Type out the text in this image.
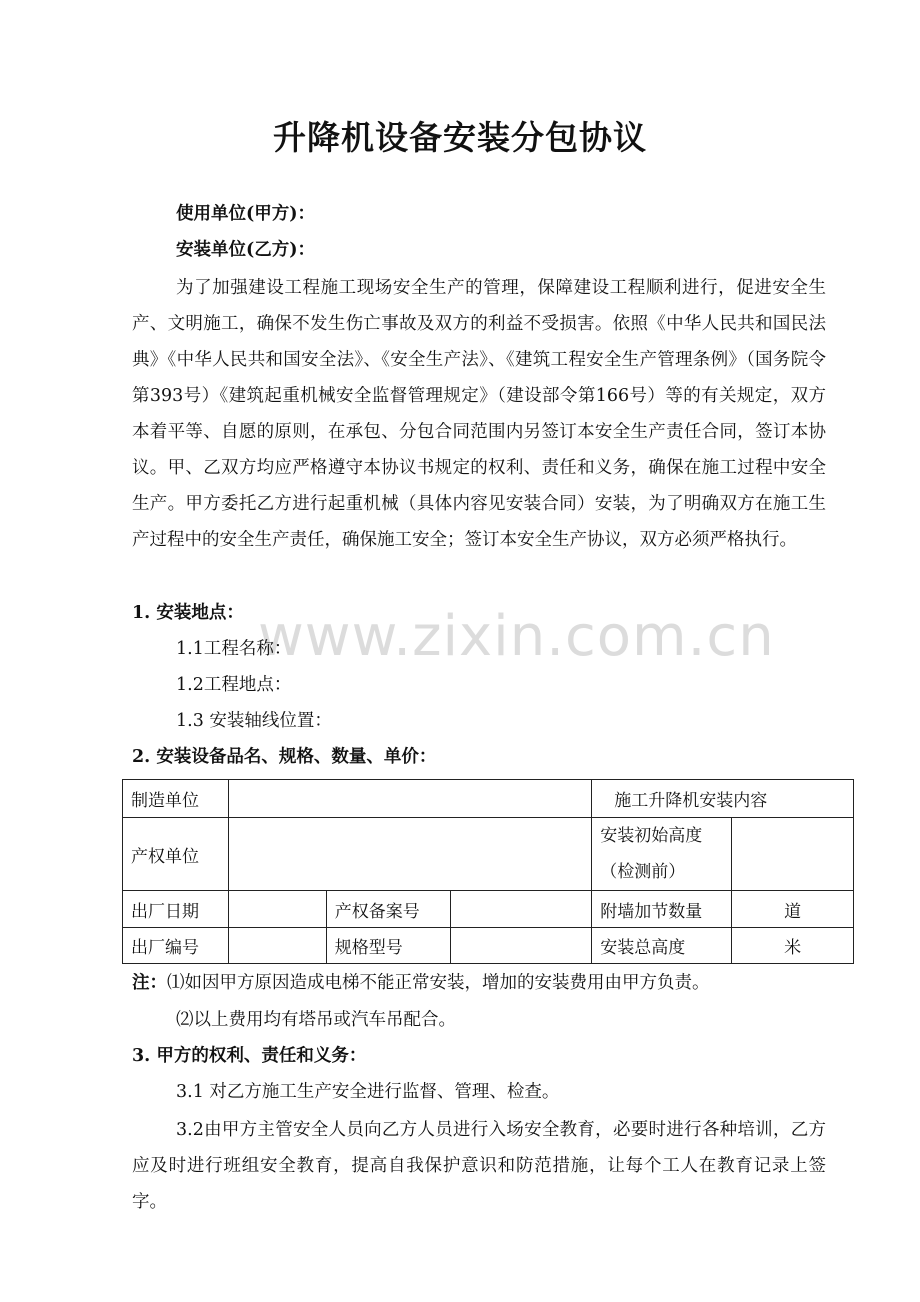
升降机设备安装分包协议
使用单位(甲方)：
安装单位(乙方)：

为了加强建设工程施工现场安全生产的管理，保障建设工程顺利进行，促进安全生产、文明施工，确保不发生伤亡事故及双方的利益不受损害。依照《中华人民共和国民法典》《中华人民共和国安全法》、《安全生产法》、《建筑工程安全生产管理条例》（国务院令第393号）《建筑起重机械安全监督管理规定》（建设部令第166号）等的有关规定，双方本着平等、自愿的原则，在承包、分包合同范围内另签订本安全生产责任合同，签订本协议。甲、乙双方均应严格遵守本协议书规定的权利、责任和义务，确保在施工过程中安全生产。甲方委托乙方进行起重机械（具体内容见安装合同）安装，为了明确双方在施工生产过程中的安全生产责任，确保施工安全；签订本安全生产协议，双方必须严格执行。

www.zixin.com.cn
1. 安装地点：
1.1工程名称：
1.2工程地点：
1.3 安装轴线位置：
2. 安装设备品名、规格、数量、单价：
制造单位				施工升降机安装内容	
产权单位				安装初始高度（检测前）	
出厂日期		产权备案号		附墙加节数量	道
出厂编号		规格型号		安装总高度	米
注：⑴如因甲方原因造成电梯不能正常安装，增加的安装费用由甲方负责。
⑵以上费用均有塔吊或汽车吊配合。
3. 甲方的权利、责任和义务：
3.1 对乙方施工生产安全进行监督、管理、检查。

3.2由甲方主管安全人员向乙方人员进行入场安全教育，必要时进行各种培训，乙方应及时进行班组安全教育，提高自我保护意识和防范措施，让每个工人在教育记录上签字。
